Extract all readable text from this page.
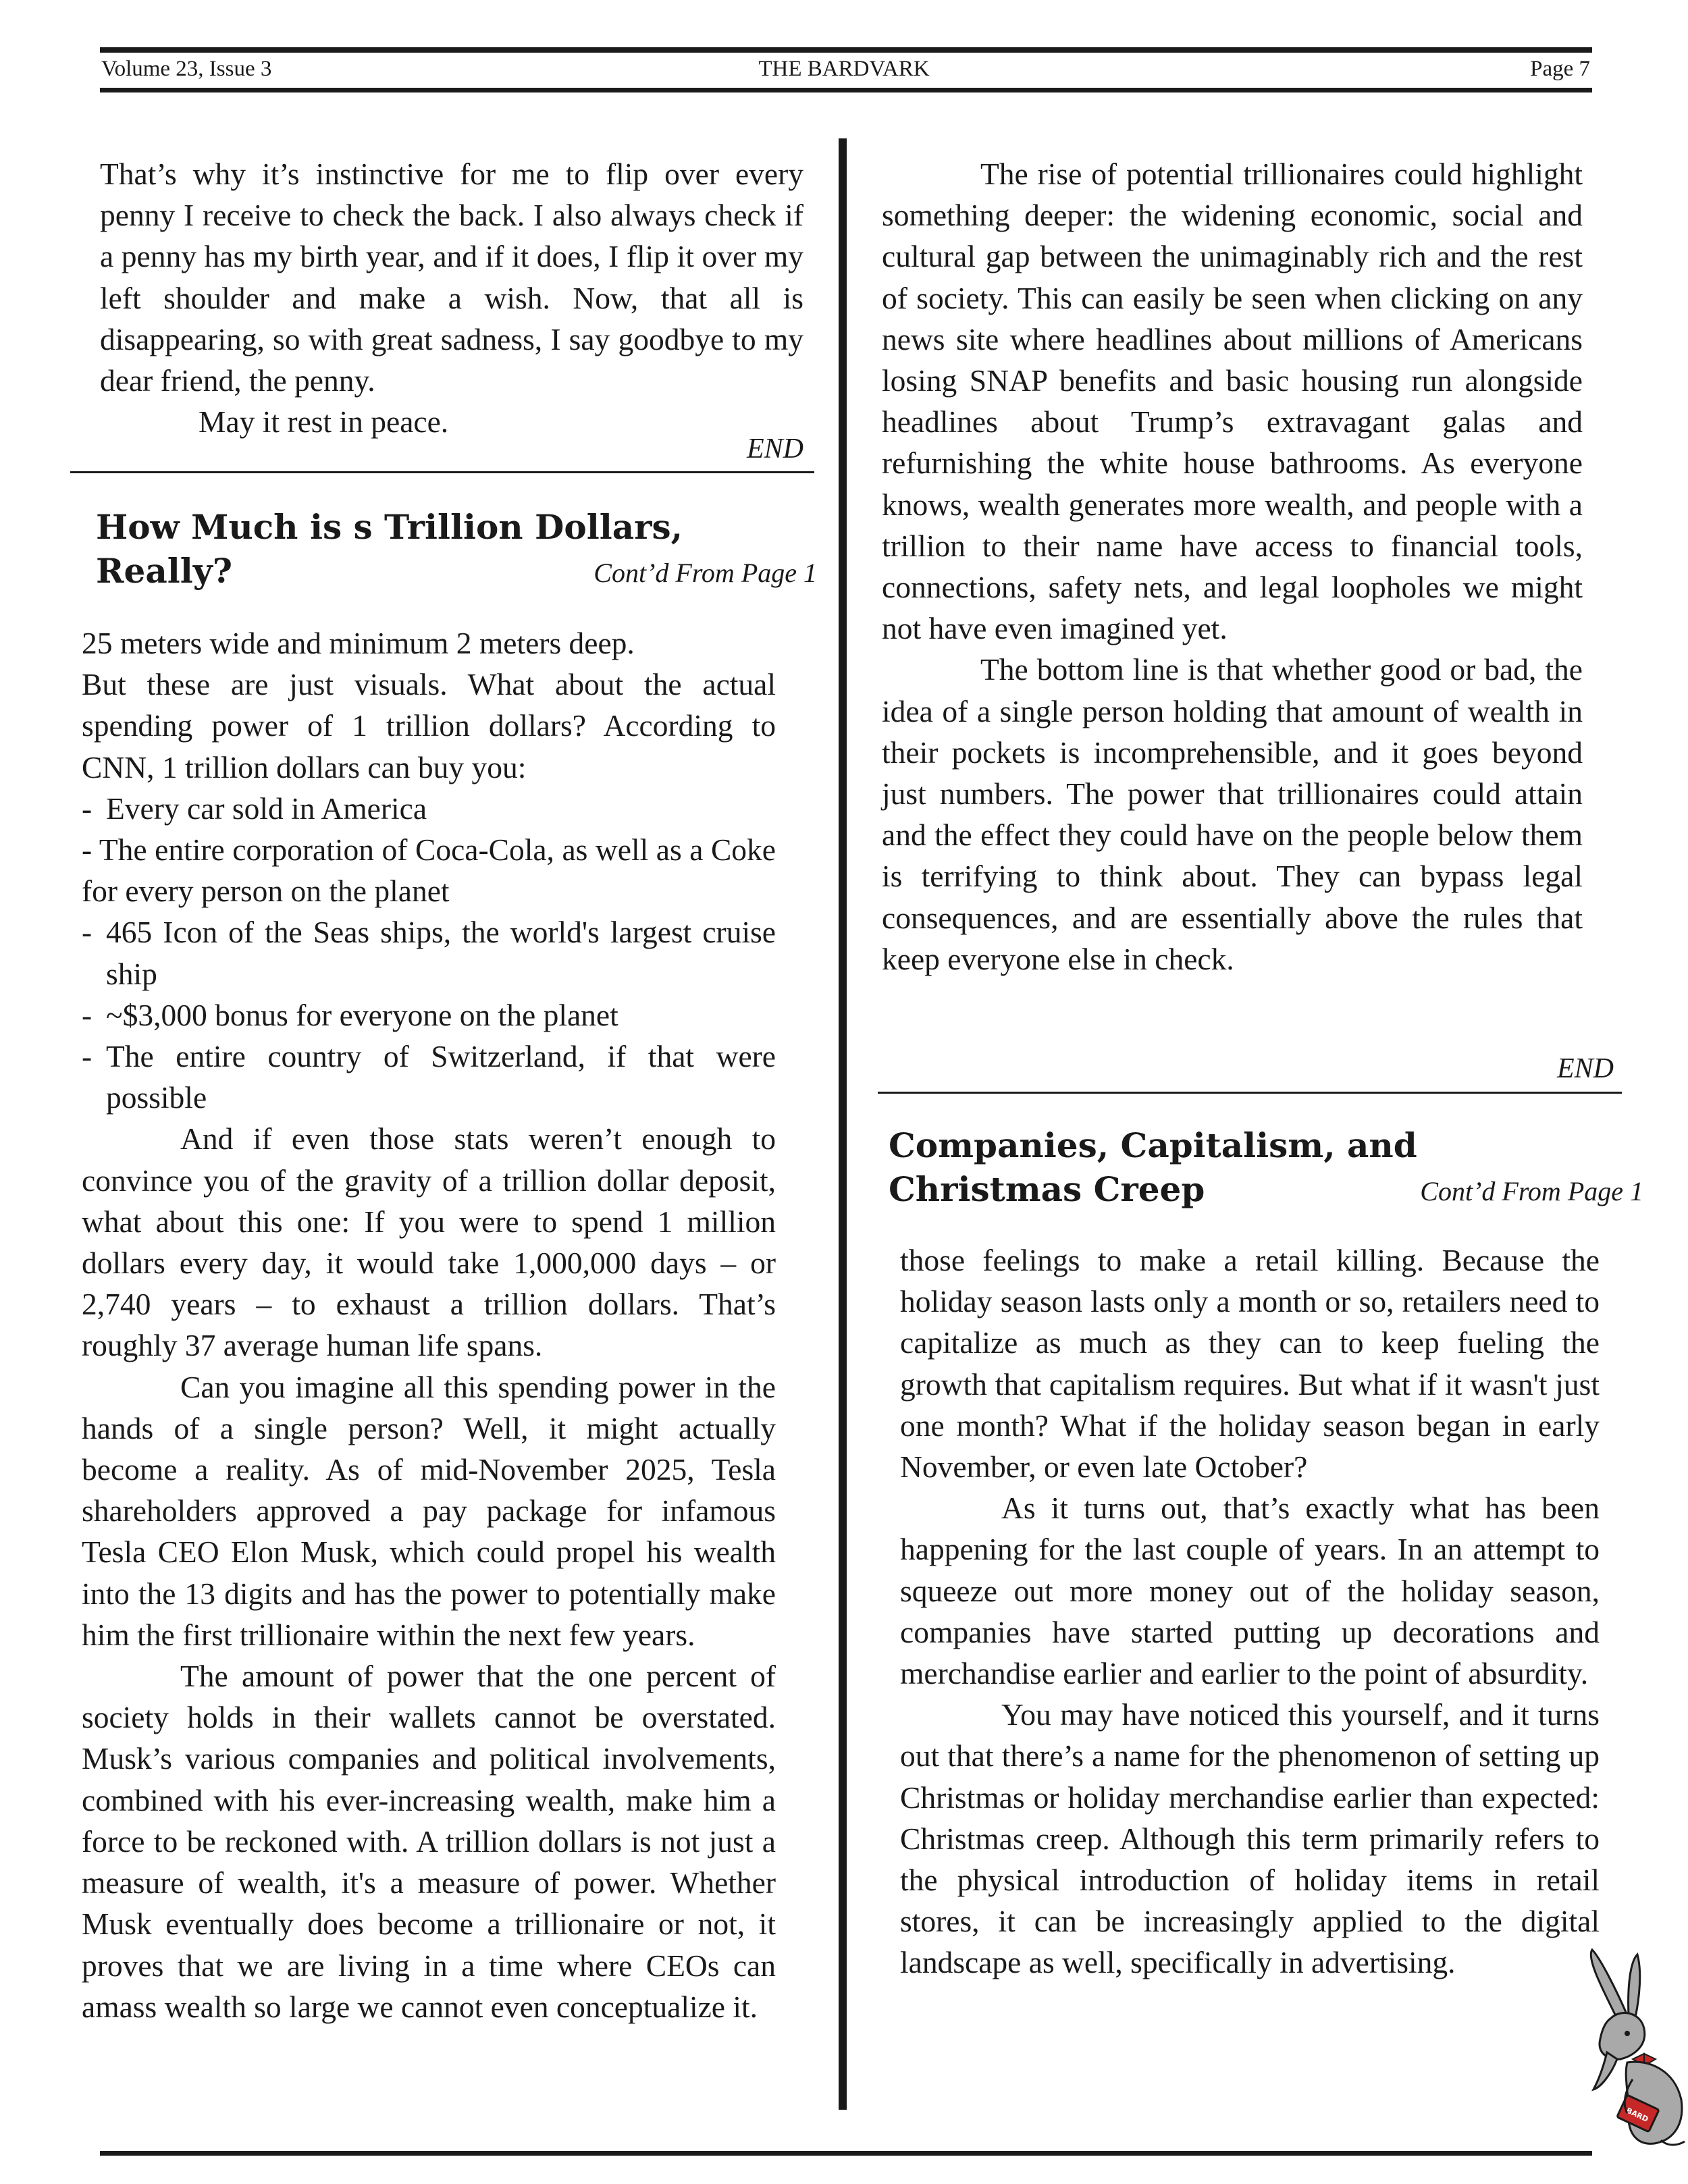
Volume 23, Issue 3	THE BARDVARK	Page 7

That’s why it’s instinctive for me to flip over every penny I receive to check the back. I also always check if a penny has my birth year, and if it does, I flip it over my left shoulder and make a wish. Now, that all is disappearing, so with great sadness, I say goodbye to my dear friend, the penny.

May it rest in peace.

END
How Much is s Trillion Dollars,
Really?	Cont’d From Page 1

25 meters wide and minimum 2 meters deep.

But these are just visuals. What about the actual spending power of 1 trillion dollars? According to CNN, 1 trillion dollars can buy you:

- Every car sold in America

- The entire corporation of Coca-Cola, as well as a Coke for every person on the planet

- 465 Icon of the Seas ships, the world's largest cruise ship
- ~$3,000 bonus for everyone on the planet
- The entire country of Switzerland, if that were possible

And if even those stats weren’t enough to convince you of the gravity of a trillion dollar deposit, what about this one: If you were to spend 1 million dollars every day, it would take 1,000,000 days – or 2,740 years – to exhaust a trillion dollars. That’s roughly 37 average human life spans.

Can you imagine all this spending power in the hands of a single person? Well, it might actually become a reality. As of mid-November 2025, Tesla shareholders approved a pay package for infamous Tesla CEO Elon Musk, which could propel his wealth into the 13 digits and has the power to potentially make him the first trillionaire within the next few years.

The amount of power that the one percent of society holds in their wallets cannot be overstated. Musk’s various companies and political involvements, combined with his ever-increasing wealth, make him a force to be reckoned with. A trillion dollars is not just a measure of wealth, it's a measure of power. Whether Musk eventually does become a trillionaire or not, it proves that we are living in a time where CEOs can amass wealth so large we cannot even conceptualize it.

The rise of potential trillionaires could highlight something deeper: the widening economic, social and cultural gap between the unimaginably rich and the rest of society. This can easily be seen when clicking on any news site where headlines about millions of Americans losing SNAP benefits and basic housing run alongside headlines about Trump’s extravagant galas and refurnishing the white house bathrooms. As everyone knows, wealth generates more wealth, and people with a trillion to their name have access to financial tools, connections, safety nets, and legal loopholes we might not have even imagined yet.

The bottom line is that whether good or bad, the idea of a single person holding that amount of wealth in their pockets is incomprehensible, and it goes beyond just numbers. The power that trillionaires could attain and the effect they could have on the people below them is terrifying to think about. They can bypass legal consequences, and are essentially above the rules that keep everyone else in check.

END
Companies, Capitalism, and
Christmas Creep	Cont’d From Page 1

those feelings to make a retail killing. Because the holiday season lasts only a month or so, retailers need to capitalize as much as they can to keep fueling the growth that capitalism requires. But what if it wasn't just one month? What if the holiday season began in early November, or even late October?

As it turns out, that’s exactly what has been happening for the last couple of years. In an attempt to squeeze out more money out of the holiday season, companies have started putting up decorations and merchandise earlier and earlier to the point of absurdity.

You may have noticed this yourself, and it turns out that there’s a name for the phenomenon of setting up Christmas or holiday merchandise earlier than expected: Christmas creep. Although this term primarily refers to the physical introduction of holiday items in retail stores, it can be increasingly applied to the digital landscape as well, specifically in advertising.

BARD
